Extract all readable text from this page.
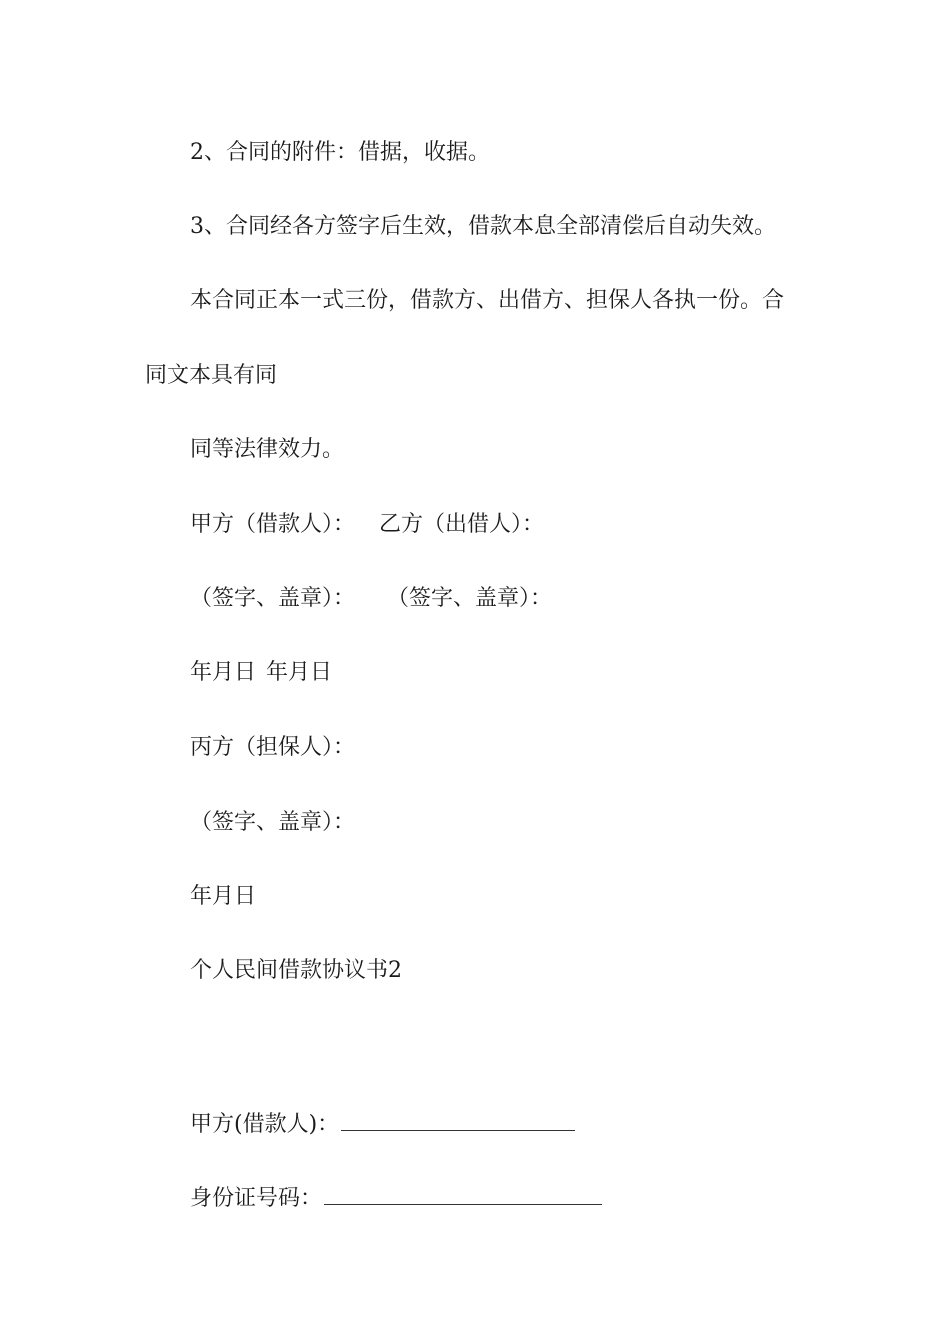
2、合同的附件：借据，收据。
3、合同经各方签字后生效，借款本息全部清偿后自动失效。
本合同正本一式三份，借款方、出借方、担保人各执一份。合
同文本具有同
同等法律效力。
甲方（借款人）： 乙方（出借人）：
（签字、盖章）： （签字、盖章）：
年月日 年月日
丙方（担保人）：
（签字、盖章）：
年月日
个人民间借款协议书2
甲方(借款人)：
身份证号码：
